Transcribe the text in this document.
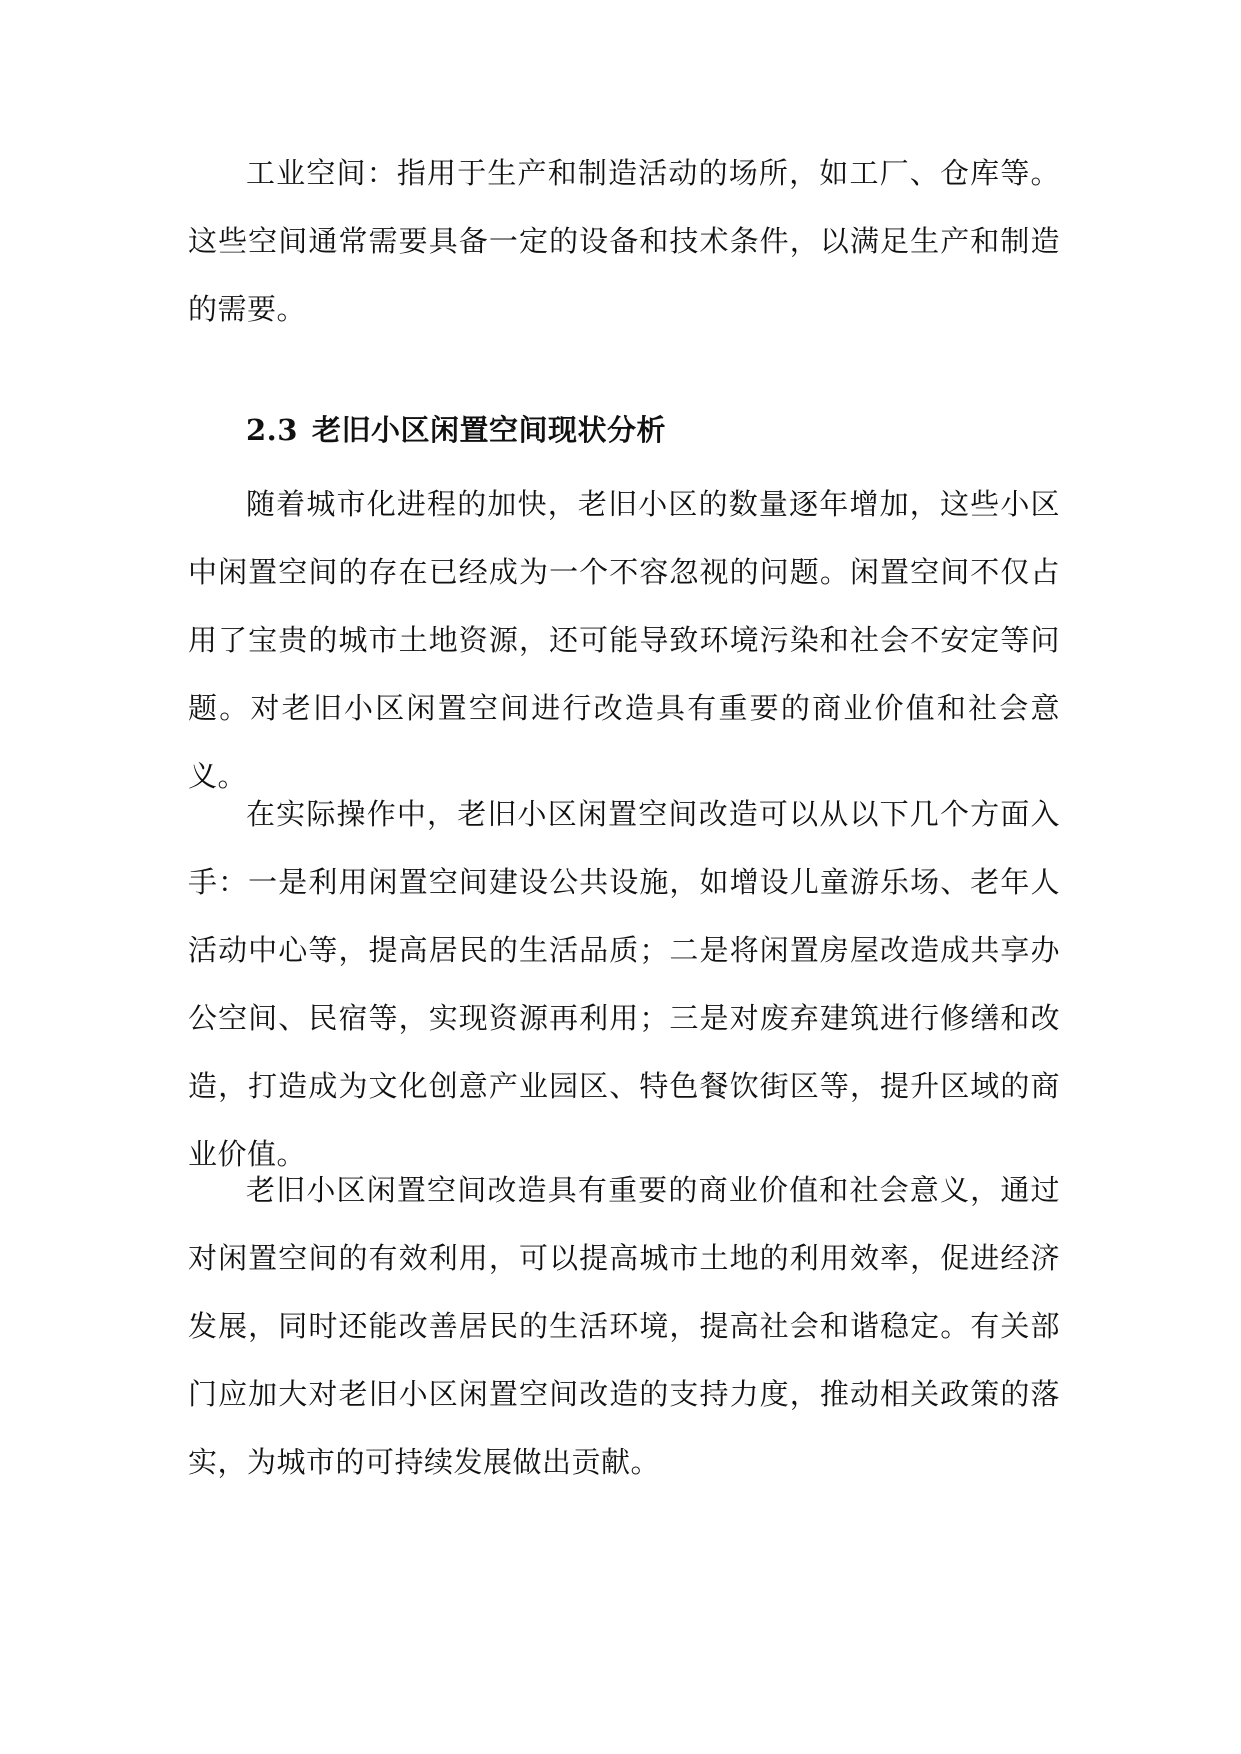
工业空间：指用于生产和制造活动的场所，如工厂、仓库等。这些空间通常需要具备一定的设备和技术条件，以满足生产和制造的需要。

2.3 老旧小区闲置空间现状分析

随着城市化进程的加快，老旧小区的数量逐年增加，这些小区中闲置空间的存在已经成为一个不容忽视的问题。闲置空间不仅占用了宝贵的城市土地资源，还可能导致环境污染和社会不安定等问题。对老旧小区闲置空间进行改造具有重要的商业价值和社会意义。

在实际操作中，老旧小区闲置空间改造可以从以下几个方面入手：一是利用闲置空间建设公共设施，如增设儿童游乐场、老年人活动中心等，提高居民的生活品质；二是将闲置房屋改造成共享办公空间、民宿等，实现资源再利用；三是对废弃建筑进行修缮和改造，打造成为文化创意产业园区、特色餐饮街区等，提升区域的商业价值。

老旧小区闲置空间改造具有重要的商业价值和社会意义，通过对闲置空间的有效利用，可以提高城市土地的利用效率，促进经济发展，同时还能改善居民的生活环境，提高社会和谐稳定。有关部门应加大对老旧小区闲置空间改造的支持力度，推动相关政策的落实，为城市的可持续发展做出贡献。
